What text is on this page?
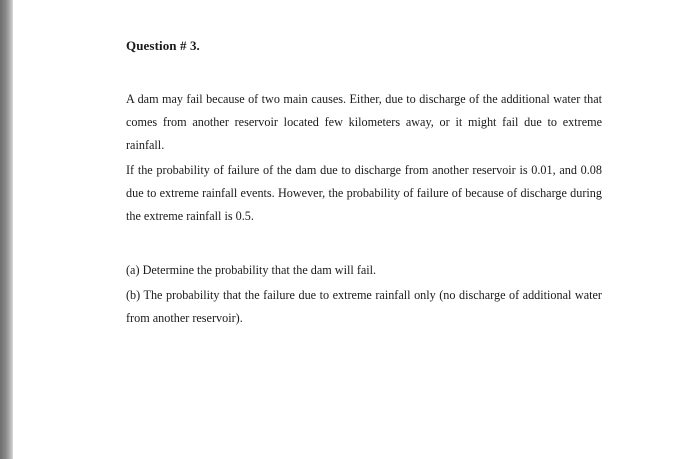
Question # 3.
A dam may fail because of two main causes. Either, due to discharge of the additional water that comes from another reservoir located few kilometers away, or it might fail due to extreme rainfall.
If the probability of failure of the dam due to discharge from another reservoir is 0.01, and 0.08 due to extreme rainfall events. However, the probability of failure of because of discharge during the extreme rainfall is 0.5.
(a) Determine the probability that the dam will fail.
(b) The probability that the failure due to extreme rainfall only (no discharge of additional water from another reservoir).
